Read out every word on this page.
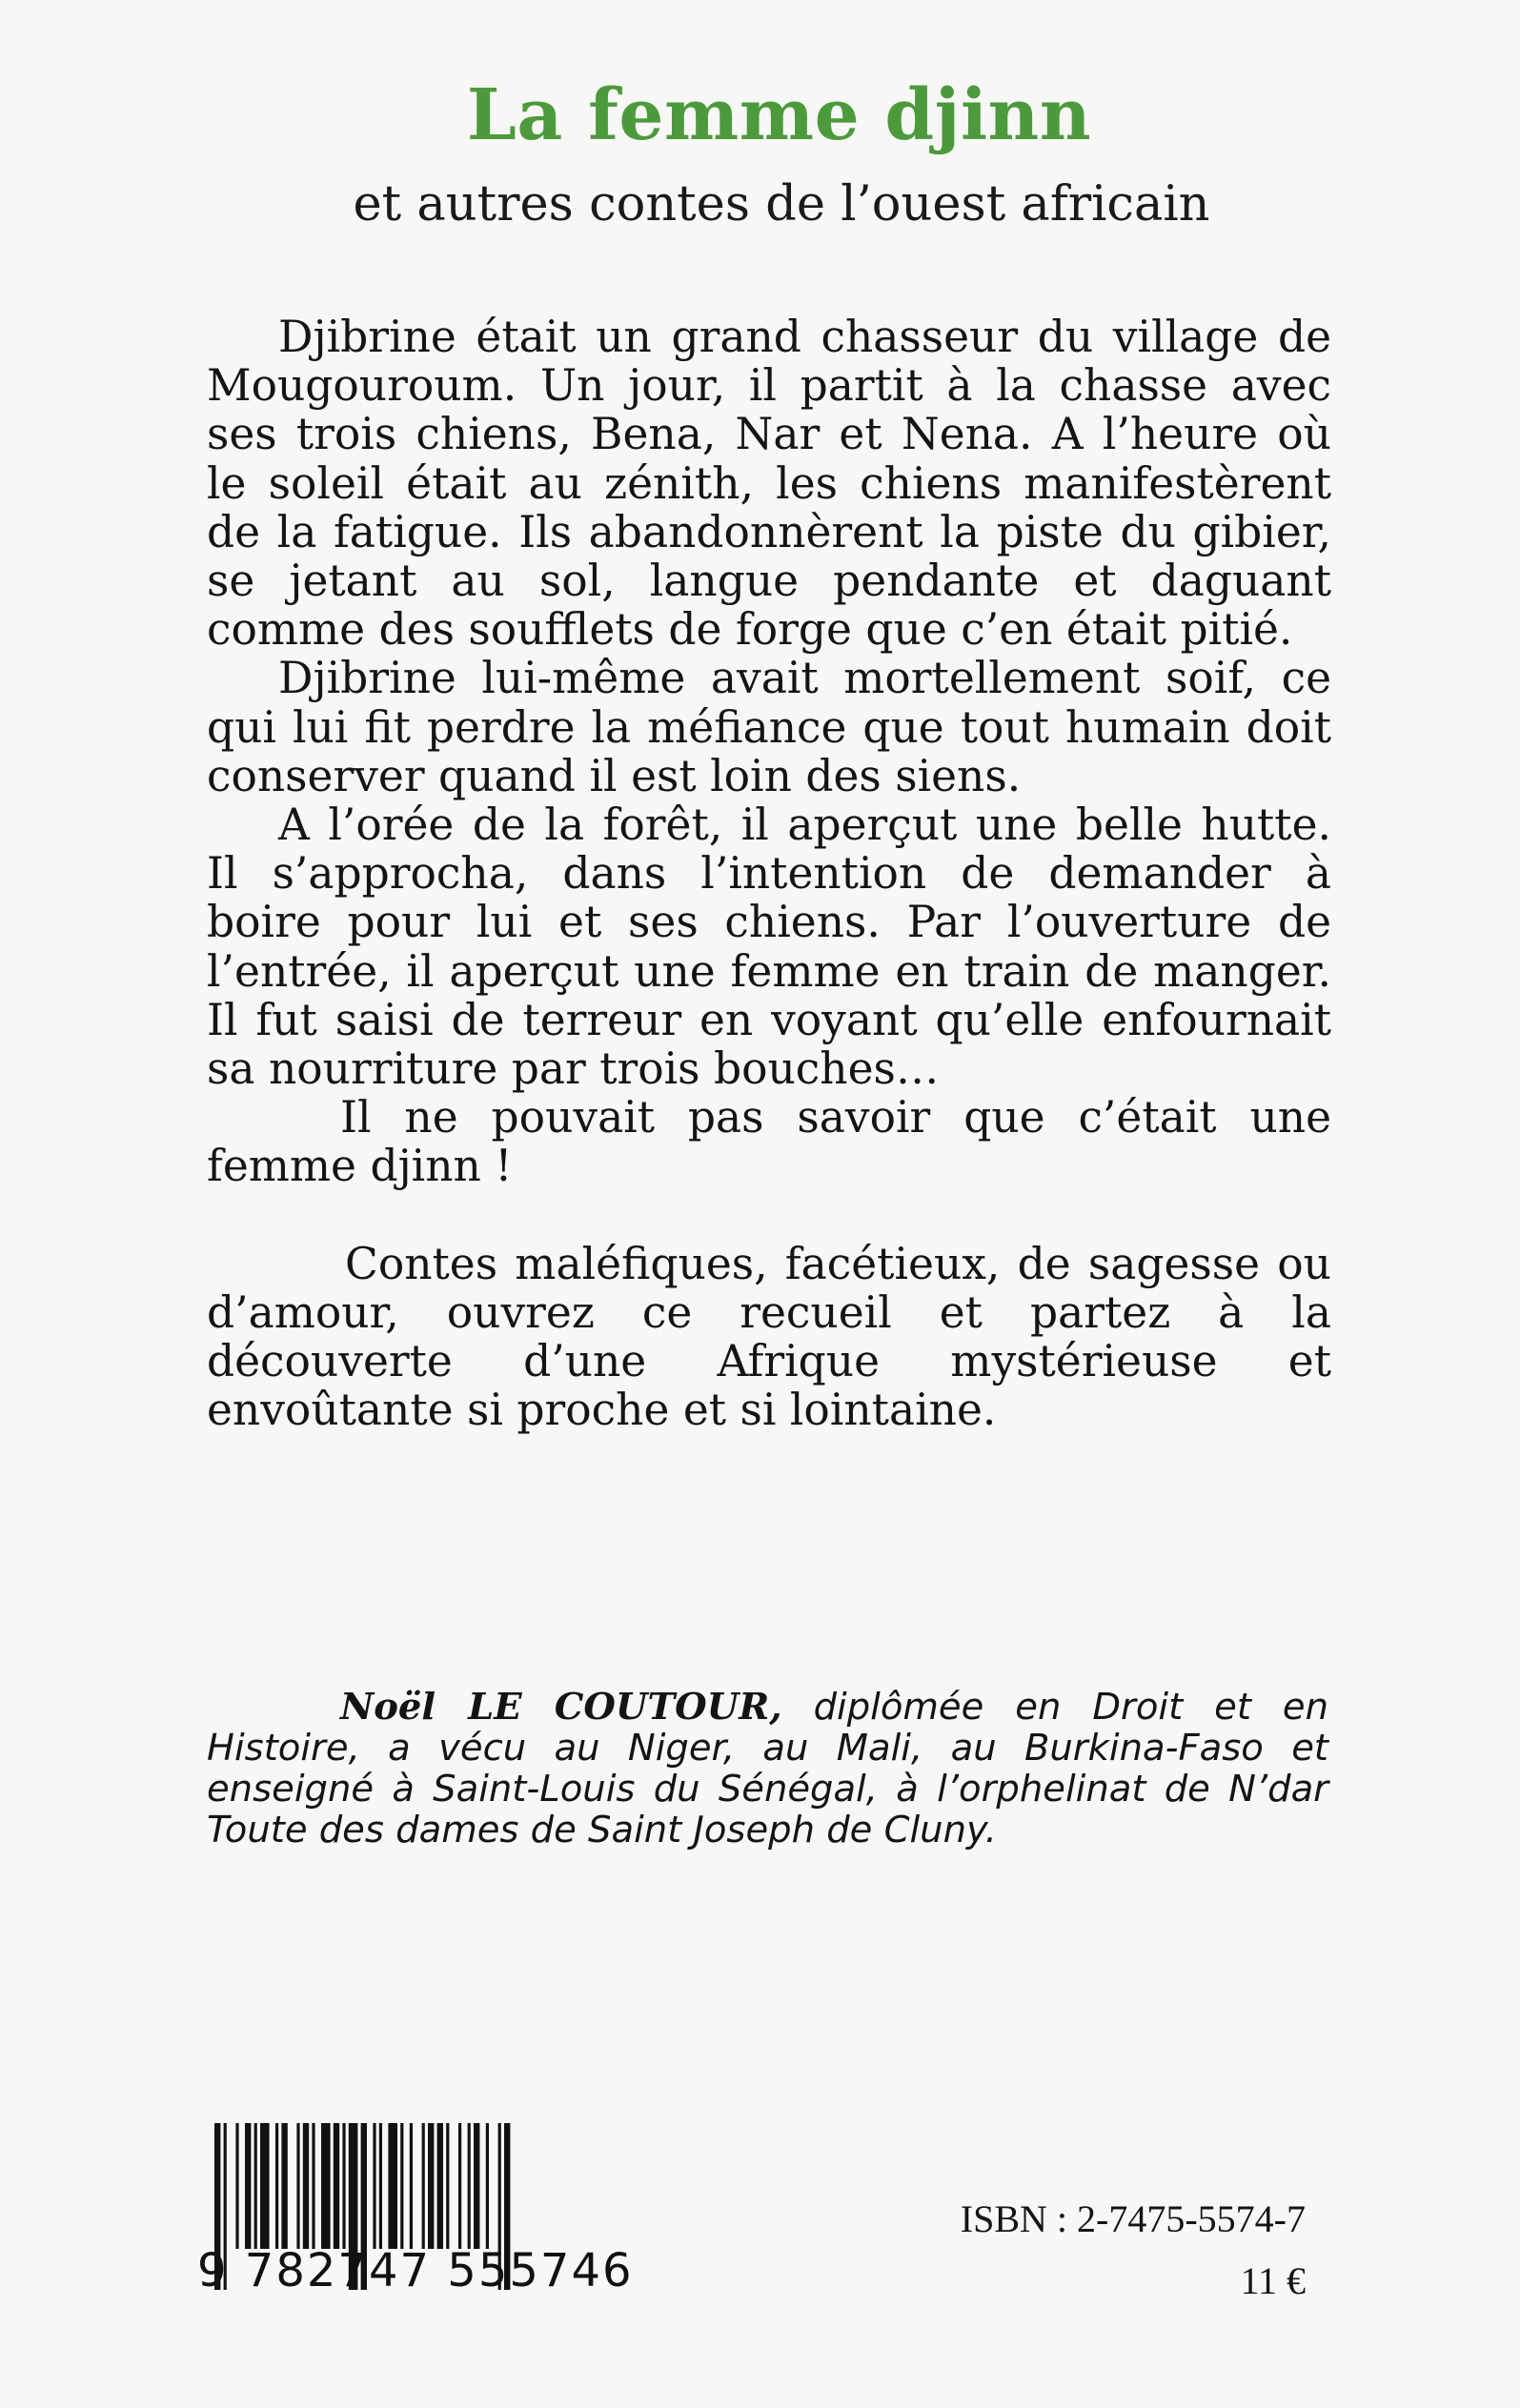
La femme djinn
et autres contes de l’ouest africain

Djibrine était un grand chasseur du village de Mougouroum. Un jour, il partit à la chasse avec ses trois chiens, Bena, Nar et Nena. A l’heure où le soleil était au zénith, les chiens manifestèrent de la fatigue. Ils abandonnèrent la piste du gibier, se jetant au sol, langue pendante et daguant comme des soufflets de forge que c’en était pitié.

Djibrine lui-même avait mortellement soif, ce qui lui fit perdre la méfiance que tout humain doit conserver quand il est loin des siens.

A l’orée de la forêt, il aperçut une belle hutte. Il s’approcha, dans l’intention de demander à boire pour lui et ses chiens. Par l’ouverture de l’entrée, il aperçut une femme en train de manger. Il fut saisi de terreur en voyant qu’elle enfournait sa nourriture par trois bouches…

Il ne pouvait pas savoir que c’était une femme djinn !

Contes maléfiques, facétieux, de sagesse ou d’amour, ouvrez ce recueil et partez à la découverte d’une Afrique mystérieuse et envoûtante si proche et si lointaine.

Noël LE COUTOUR, diplômée en Droit et en Histoire, a vécu au Niger, au Mali, au Burkina-Faso et enseigné à Saint-Louis du Sénégal, à l’orphelinat de N’dar Toute des dames de Saint Joseph de Cluny.
9 782747 555746
ISBN : 2-7475-5574-7
11 €
